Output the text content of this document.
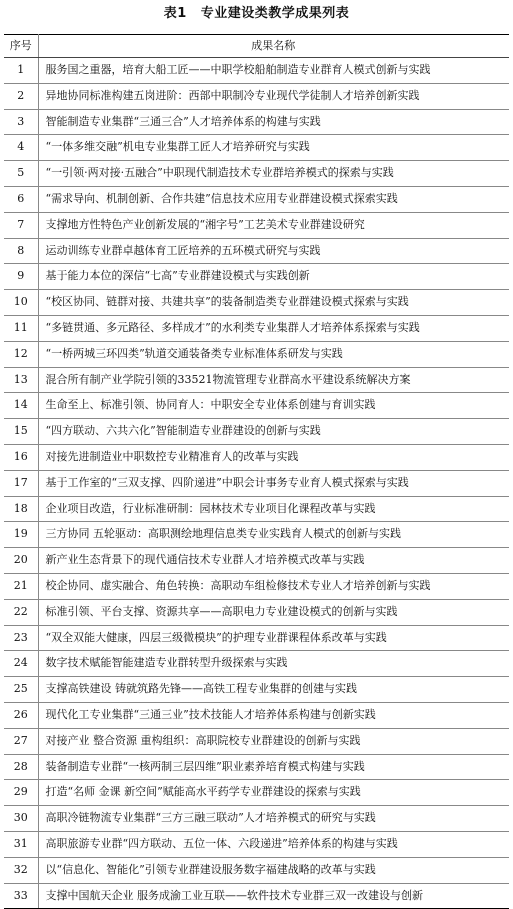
表1 专业建设类教学成果列表
序号	成果名称
1	服务国之重器，培育大船工匠——中职学校船舶制造专业群育人模式创新与实践
2	异地协同标准构建五岗进阶：西部中职制冷专业现代学徒制人才培养创新实践
3	智能制造专业集群“三通三合”人才培养体系的构建与实践
4	“一体多维交融”机电专业集群工匠人才培养研究与实践
5	“一引领·两对接·五融合”中职现代制造技术专业群培养模式的探索与实践
6	“需求导向、机制创新、合作共建”信息技术应用专业群建设模式探索实践
7	支撑地方性特色产业创新发展的“湘字号”工艺美术专业群建设研究
8	运动训练专业群卓越体育工匠培养的五环模式研究与实践
9	基于能力本位的深信“七高”专业群建设模式与实践创新
10	“校区协同、链群对接、共建共享”的装备制造类专业群建设模式探索与实践
11	“多链贯通、多元路径、多样成才”的水利类专业集群人才培养体系探索与实践
12	“一桥两城三环四类”轨道交通装备类专业标准体系研发与实践
13	混合所有制产业学院引领的33521物流管理专业群高水平建设系统解决方案
14	生命至上、标准引领、协同育人：中职安全专业体系创建与育训实践
15	“四方联动、六共六化”智能制造专业群建设的创新与实践
16	对接先进制造业中职数控专业精准育人的改革与实践
17	基于工作室的“三双支撑、四阶递进”中职会计事务专业育人模式探索与实践
18	企业项目改造，行业标准研制：园林技术专业项目化课程改革与实践
19	三方协同 五轮驱动：高职测绘地理信息类专业实践育人模式的创新与实践
20	新产业生态背景下的现代通信技术专业群人才培养模式改革与实践
21	校企协同、虚实融合、角色转换：高职动车组检修技术专业人才培养创新与实践
22	标准引领、平台支撑、资源共享——高职电力专业建设模式的创新与实践
23	“双全双能大健康，四层三级微模块”的护理专业群课程体系改革与实践
24	数字技术赋能智能建造专业群转型升级探索与实践
25	支撑高铁建设 铸就筑路先锋——高铁工程专业集群的创建与实践
26	现代化工专业集群“三通三业”技术技能人才培养体系构建与创新实践
27	对接产业 整合资源 重构组织：高职院校专业群建设的创新与实践
28	装备制造专业群“一核两制三层四维”职业素养培育模式构建与实践
29	打造“名师 金课 新空间”赋能高水平药学专业群建设的探索与实践
30	高职冷链物流专业集群“三方三融三联动”人才培养模式的研究与实践
31	高职旅游专业群“四方联动、五位一体、六段递进”培养体系的构建与实践
32	以“信息化、智能化”引领专业群建设服务数字福建战略的改革与实践
33	支撑中国航天企业 服务成渝工业互联——软件技术专业群三双一改建设与创新
